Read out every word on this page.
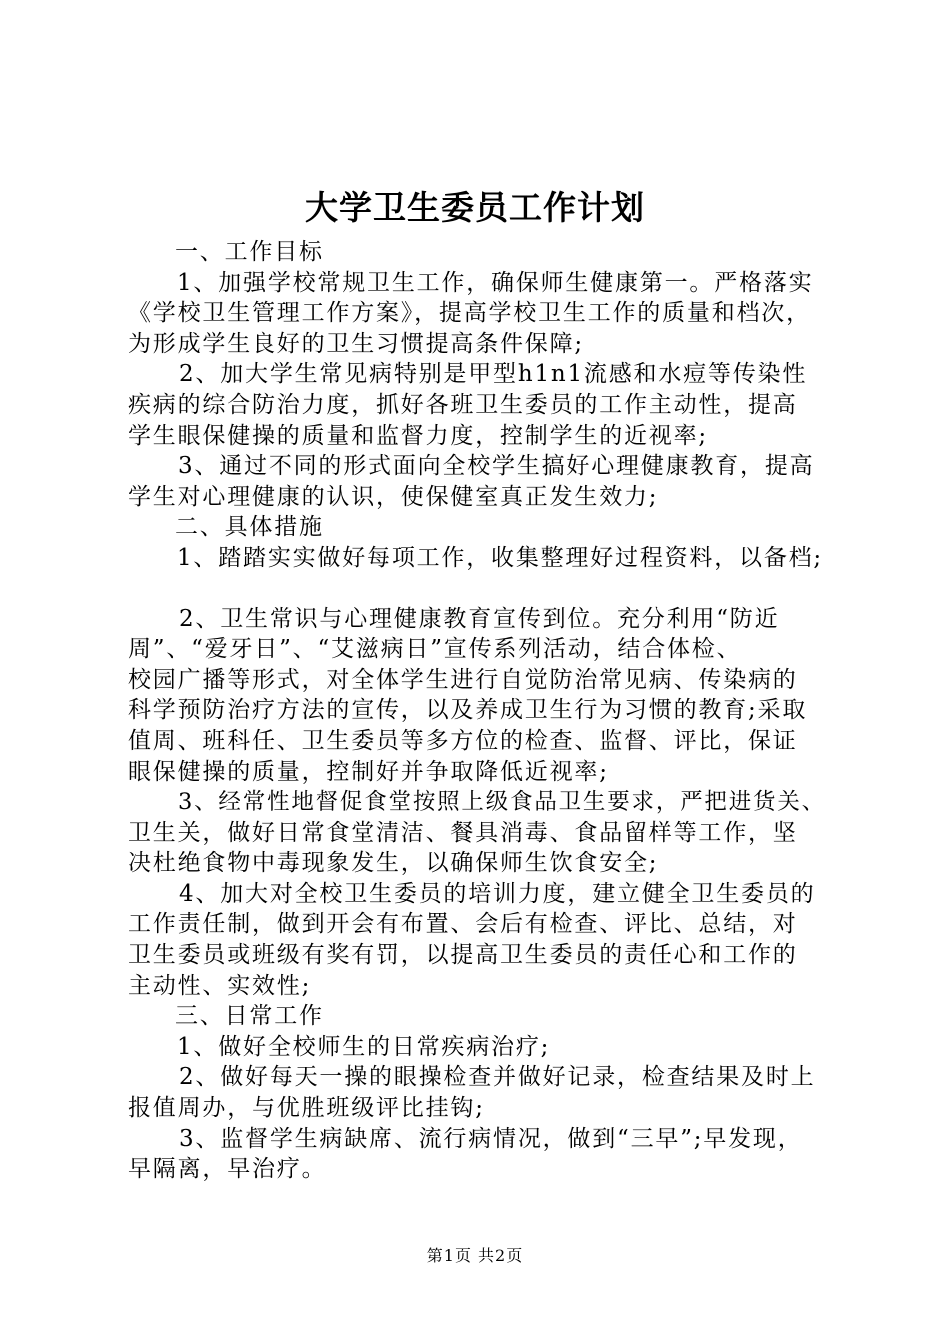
大学卫生委员工作计划

一、工作目标

1、加强学校常规卫生工作，确保师生健康第一。严格落实

《学校卫生管理工作方案》，提高学校卫生工作的质量和档次，

为形成学生良好的卫生习惯提高条件保障;

2、加大学生常见病特别是甲型h1n1流感和水痘等传染性

疾病的综合防治力度，抓好各班卫生委员的工作主动性，提高

学生眼保健操的质量和监督力度，控制学生的近视率;

3、通过不同的形式面向全校学生搞好心理健康教育，提高

学生对心理健康的认识，使保健室真正发生效力;

二、具体措施

1、踏踏实实做好每项工作，收集整理好过程资料，以备档;

2、卫生常识与心理健康教育宣传到位。充分利用“防近

周”、“爱牙日”、“艾滋病日”宣传系列活动，结合体检、

校园广播等形式，对全体学生进行自觉防治常见病、传染病的

科学预防治疗方法的宣传，以及养成卫生行为习惯的教育;采取

值周、班科任、卫生委员等多方位的检查、监督、评比，保证

眼保健操的质量，控制好并争取降低近视率;

3、经常性地督促食堂按照上级食品卫生要求，严把进货关、

卫生关，做好日常食堂清洁、餐具消毒、食品留样等工作，坚

决杜绝食物中毒现象发生，以确保师生饮食安全;

4、加大对全校卫生委员的培训力度，建立健全卫生委员的

工作责任制，做到开会有布置、会后有检查、评比、总结，对

卫生委员或班级有奖有罚，以提高卫生委员的责任心和工作的

主动性、实效性;

三、日常工作

1、做好全校师生的日常疾病治疗;

2、做好每天一操的眼操检查并做好记录，检查结果及时上

报值周办，与优胜班级评比挂钩;

3、监督学生病缺席、流行病情况，做到“三早”;早发现，

早隔离，早治疗。

第1页 共2页
